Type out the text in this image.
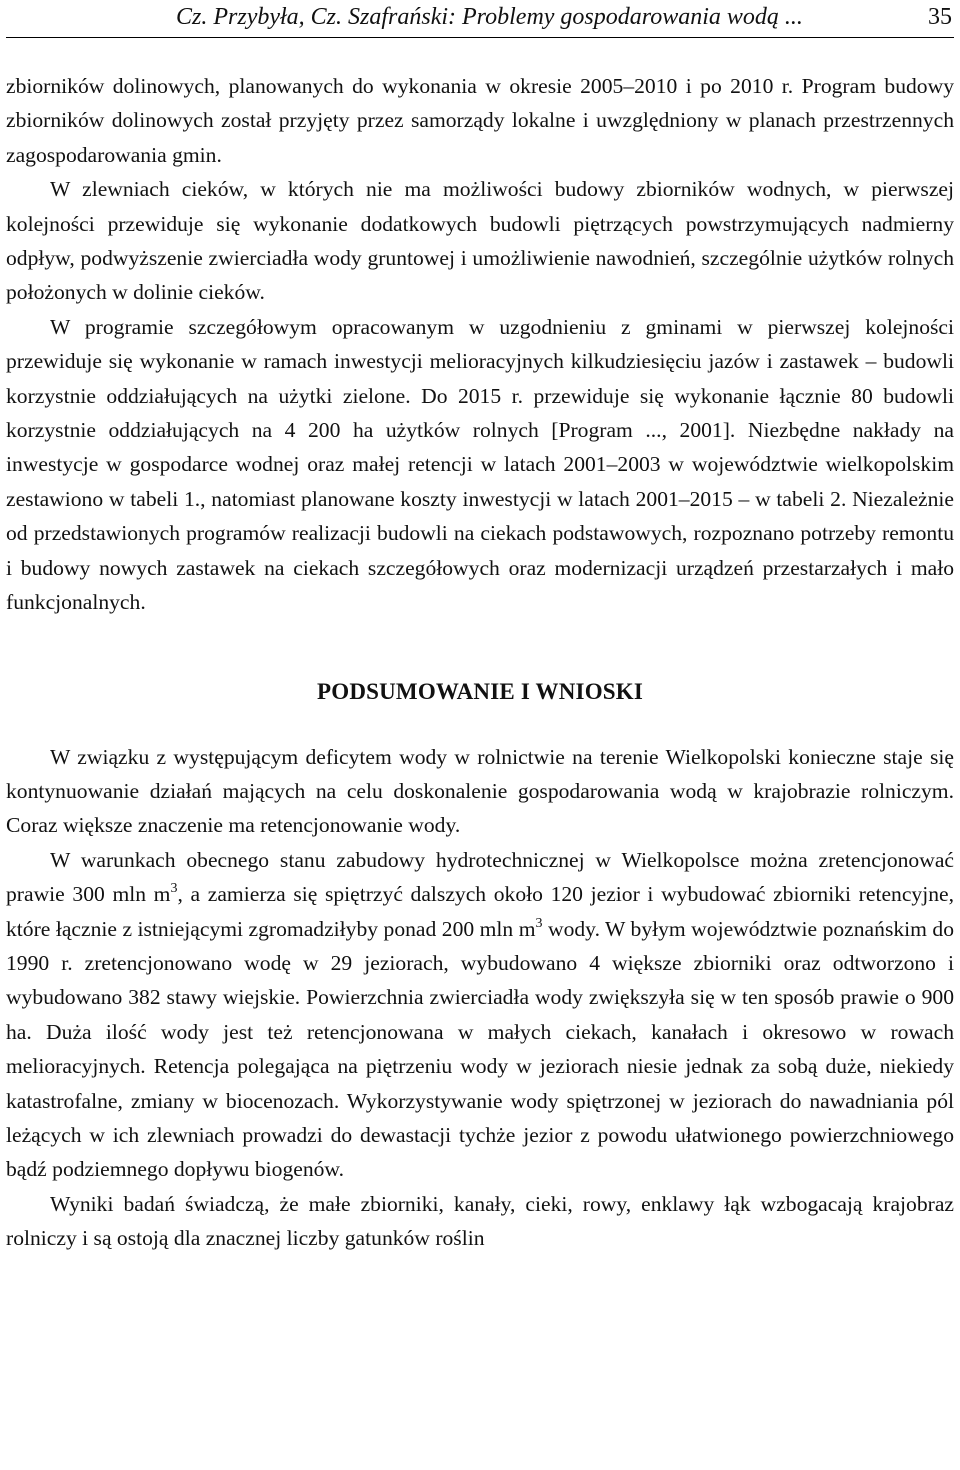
Cz. Przybyła, Cz. Szafrański: Problemy gospodarowania wodą ...	35

zbiorników dolinowych, planowanych do wykonania w okresie 2005–2010 i po 2010 r. Program budowy zbiorników dolinowych został przyjęty przez samorządy lokalne i uwzględniony w planach przestrzennych zagospodarowania gmin.

W zlewniach cieków, w których nie ma możliwości budowy zbiorników wodnych, w pierwszej kolejności przewiduje się wykonanie dodatkowych budowli piętrzących powstrzymujących nadmierny odpływ, podwyższenie zwierciadła wody gruntowej i umożliwienie nawodnień, szczególnie użytków rolnych położonych w dolinie cieków.

W programie szczegółowym opracowanym w uzgodnieniu z gminami w pierwszej kolejności przewiduje się wykonanie w ramach inwestycji melioracyjnych kilkudziesięciu jazów i zastawek – budowli korzystnie oddziałujących na użytki zielone. Do 2015 r. przewiduje się wykonanie łącznie 80 budowli korzystnie oddziałujących na 4 200 ha użytków rolnych [Program ..., 2001]. Niezbędne nakłady na inwestycje w gospodarce wodnej oraz małej retencji w latach 2001–2003 w województwie wielkopolskim zestawiono w tabeli 1., natomiast planowane koszty inwestycji w latach 2001–2015 – w tabeli 2. Niezależnie od przedstawionych programów realizacji budowli na ciekach podstawowych, rozpoznano potrzeby remontu i budowy nowych zastawek na ciekach szczegółowych oraz modernizacji urządzeń przestarzałych i mało funkcjonalnych.

PODSUMOWANIE I WNIOSKI

W związku z występującym deficytem wody w rolnictwie na terenie Wielkopolski konieczne staje się kontynuowanie działań mających na celu doskonalenie gospodarowania wodą w krajobrazie rolniczym. Coraz większe znaczenie ma retencjonowanie wody.

W warunkach obecnego stanu zabudowy hydrotechnicznej w Wielkopolsce można zretencjonować prawie 300 mln $m^3$, a zamierza się spiętrzyć dalszych około 120 jezior i wybudować zbiorniki retencyjne, które łącznie z istniejącymi zgromadziłyby ponad 200 mln $m^3$ wody. W byłym województwie poznańskim do 1990 r. zretencjonowano wodę w 29 jeziorach, wybudowano 4 większe zbiorniki oraz odtworzono i wybudowano 382 stawy wiejskie. Powierzchnia zwierciadła wody zwiększyła się w ten sposób prawie o 900 ha. Duża ilość wody jest też retencjonowana w małych ciekach, kanałach i okresowo w rowach melioracyjnych. Retencja polegająca na piętrzeniu wody w jeziorach niesie jednak za sobą duże, niekiedy katastrofalne, zmiany w biocenozach. Wykorzystywanie wody spiętrzonej w jeziorach do nawadniania pól leżących w ich zlewniach prowadzi do dewastacji tychże jezior z powodu ułatwionego powierzchniowego bądź podziemnego dopływu biogenów.

Wyniki badań świadczą, że małe zbiorniki, kanały, cieki, rowy, enklawy łąk wzbogacają krajobraz rolniczy i są ostoją dla znacznej liczby gatunków roślin
